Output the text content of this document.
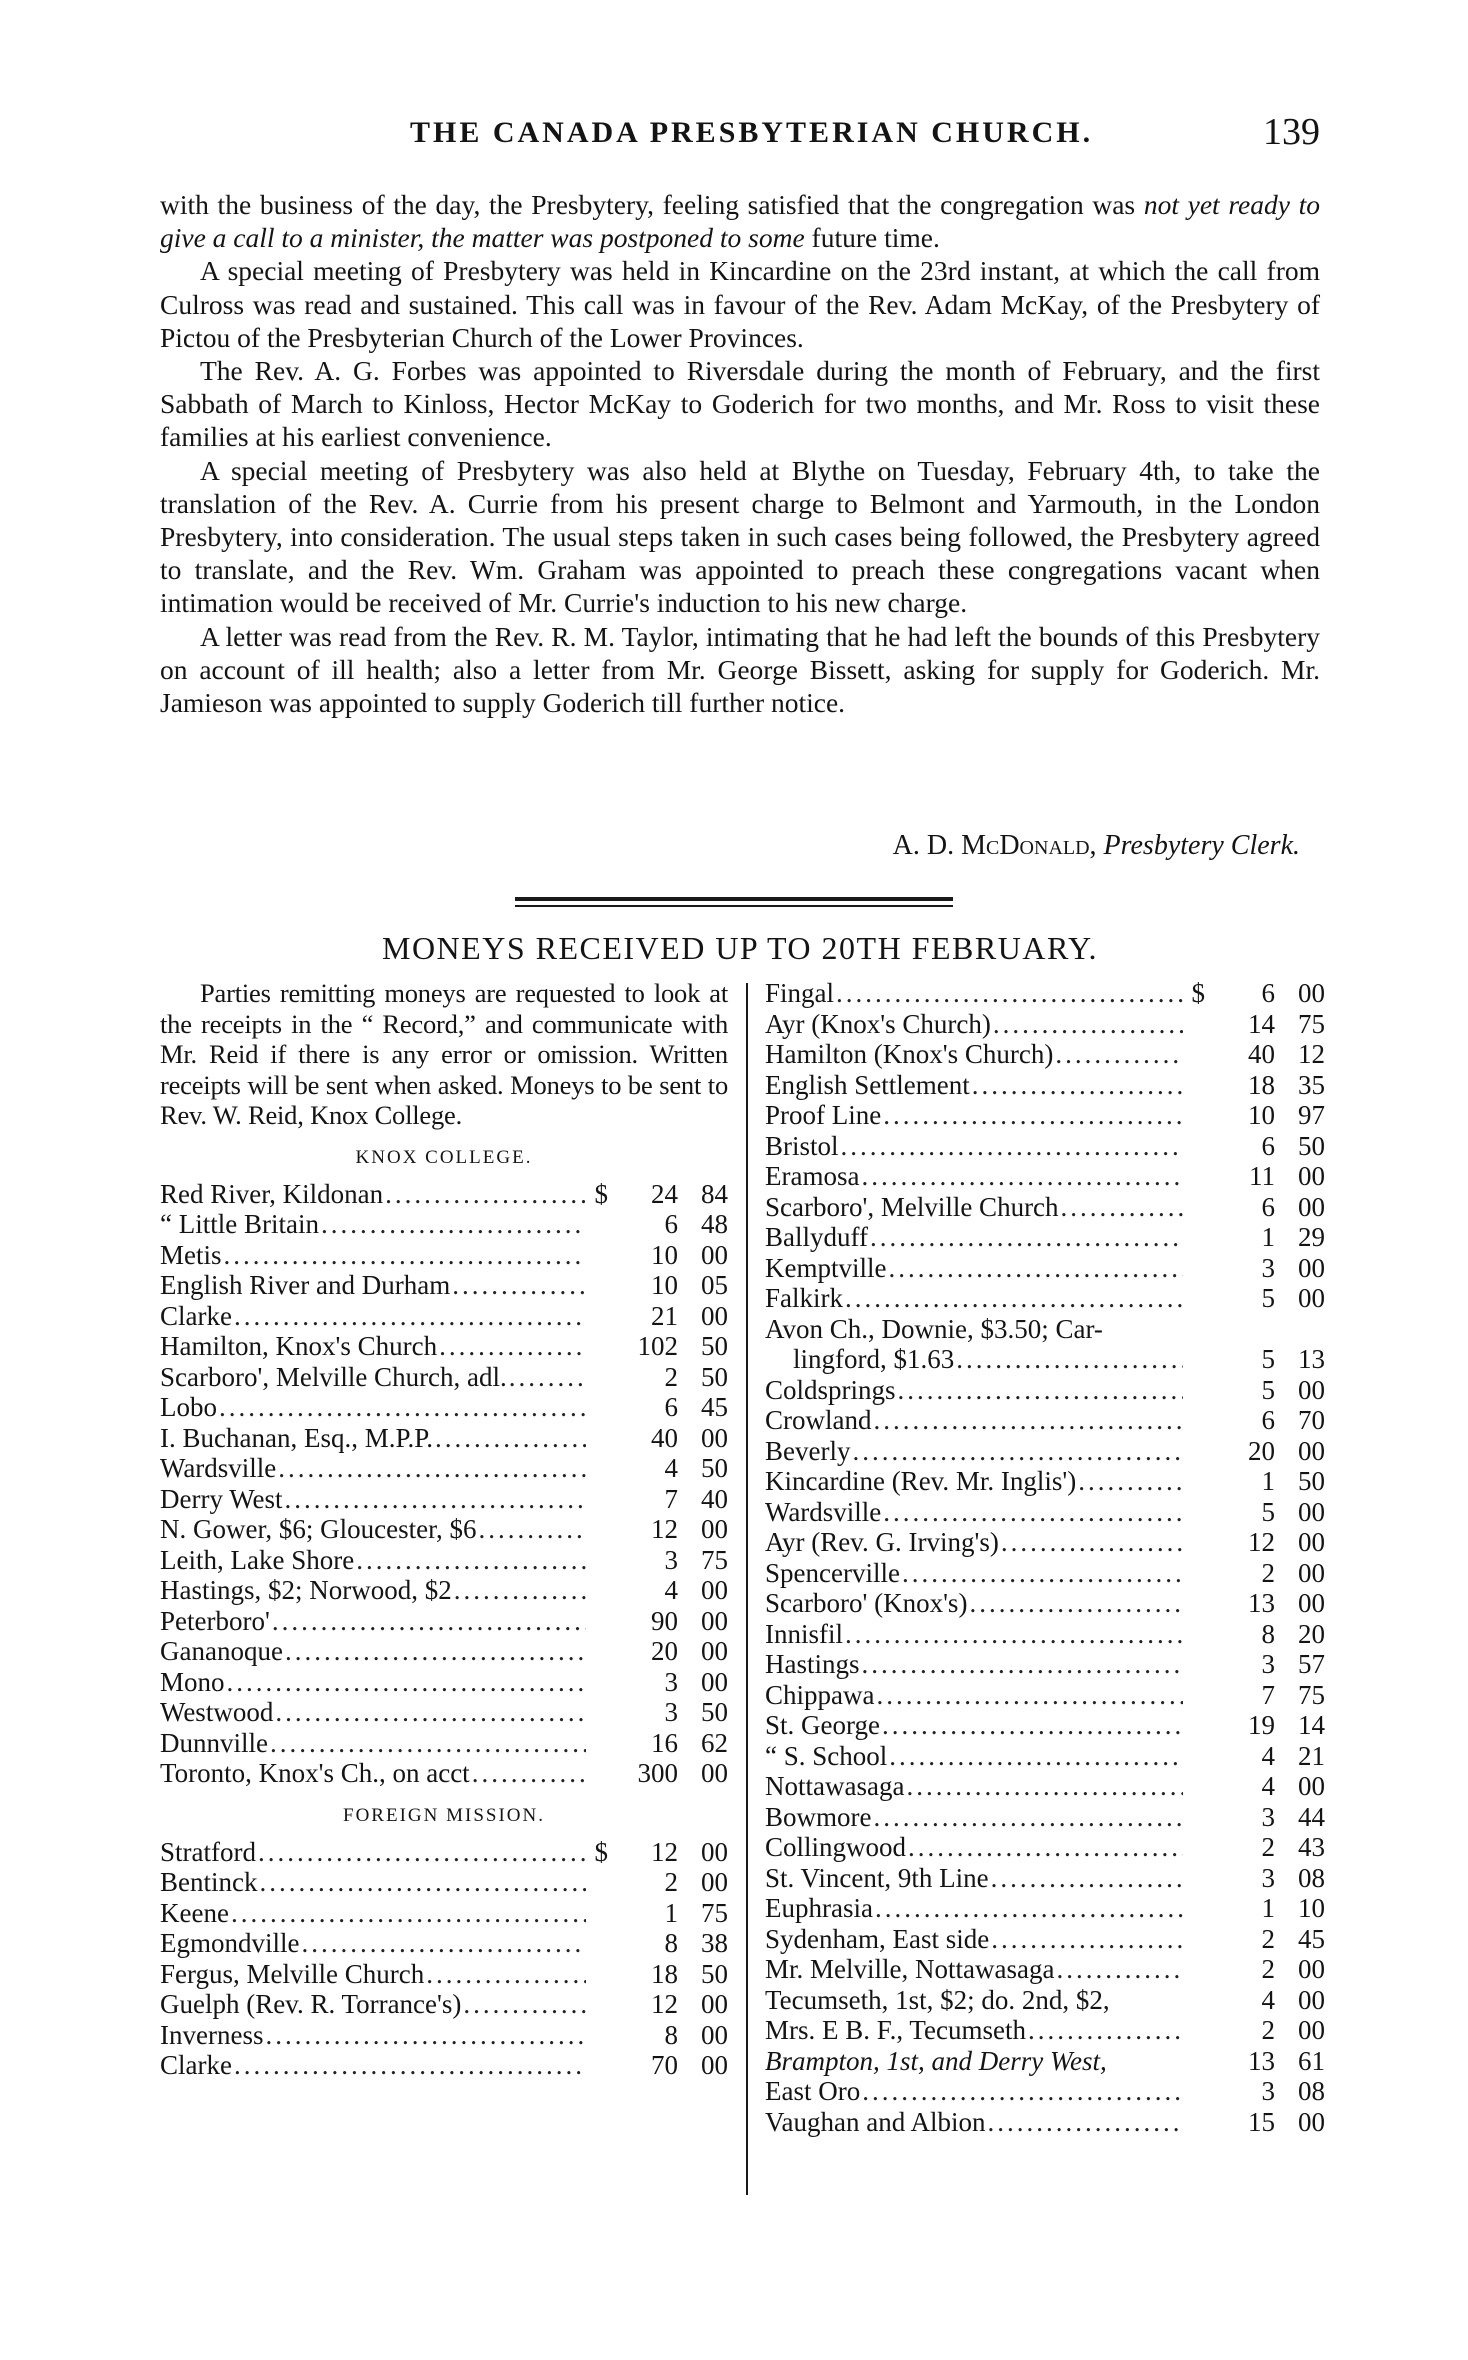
THE CANADA PRESBYTERIAN CHURCH.	139

with the business of the day, the Presbytery, feeling satisfied that the congregation was not yet ready to give a call to a minister, the matter was postponed to some future time.

A special meeting of Presbytery was held in Kincardine on the 23rd instant, at which the call from Culross was read and sustained. This call was in favour of the Rev. Adam McKay, of the Presbytery of Pictou of the Presbyterian Church of the Lower Provinces.

The Rev. A. G. Forbes was appointed to Riversdale during the month of February, and the first Sabbath of March to Kinloss, Hector McKay to Goderich for two months, and Mr. Ross to visit these families at his earliest convenience.

A special meeting of Presbytery was also held at Blythe on Tuesday, February 4th, to take the translation of the Rev. A. Currie from his present charge to Belmont and Yarmouth, in the London Presbytery, into consideration. The usual steps taken in such cases being followed, the Presbytery agreed to translate, and the Rev. Wm. Graham was appointed to preach these congregations vacant when intimation would be received of Mr. Currie's induction to his new charge.

A letter was read from the Rev. R. M. Taylor, intimating that he had left the bounds of this Presbytery on account of ill health; also a letter from Mr. George Bissett, asking for supply for Goderich. Mr. Jamieson was appointed to supply Goderich till further notice.

A. D. McDonald, Presbytery Clerk.
MONEYS RECEIVED UP TO 20TH FEBRUARY.

Parties remitting moneys are requested to look at the receipts in the “ Record,” and communicate with Mr. Reid if there is any error or omission. Written receipts will be sent when asked. Moneys to be sent to Rev. W. Reid, Knox College.

KNOX COLLEGE.
Red River, Kildonan .....	$	24 84
“ Little Britain .....	6 48
Metis .....	10 00
English River and Durham .....	10 05
Clarke .....	21 00
Hamilton, Knox's Church .....	102 50
Scarboro', Melville Church, adl. .....	2 50
Lobo .....	6 45
I. Buchanan, Esq., M.P.P. .....	40 00
Wardsville .....	4 50
Derry West .....	7 40
N. Gower, $6; Gloucester, $6 .....	12 00
Leith, Lake Shore .....	3 75
Hastings, $2; Norwood, $2 .....	4 00
Peterboro' .....	90 00
Gananoque .....	20 00
Mono .....	3 00
Westwood .....	3 50
Dunnville .....	16 62
Toronto, Knox's Ch., on acct .....	300 00
FOREIGN MISSION.
Stratford .....	$	12 00
Bentinck .....	2 00
Keene .....	1 75
Egmondville .....	8 38
Fergus, Melville Church .....	18 50
Guelph (Rev. R. Torrance's) .....	12 00
Inverness .....	8 00
Clarke .....	70 00
Fingal .....	$	6 00
Ayr (Knox's Church) .....	14 75
Hamilton (Knox's Church) .....	40 12
English Settlement .....	18 35
Proof Line .....	10 97
Bristol .....	6 50
Eramosa .....	11 00
Scarboro', Melville Church .....	6 00
Ballyduff .....	1 29
Kemptville .....	3 00
Falkirk .....	5 00
Avon Ch., Downie, $3.50; Car-
lingford, $1.63 .....	5 13
Coldsprings .....	5 00
Crowland .....	6 70
Beverly .....	20 00
Kincardine (Rev. Mr. Inglis') .....	1 50
Wardsville .....	5 00
Ayr (Rev. G. Irving's) .....	12 00
Spencerville .....	2 00
Scarboro' (Knox's) .....	13 00
Innisfil .....	8 20
Hastings .....	3 57
Chippawa .....	7 75
St. George .....	19 14
“ S. School .....	4 21
Nottawasaga .....	4 00
Bowmore .....	3 44
Collingwood .....	2 43
St. Vincent, 9th Line .....	3 08
Euphrasia .....	1 10
Sydenham, East side .....	2 45
Mr. Melville, Nottawasaga .....	2 00
Tecumseth, 1st, $2; do. 2nd, $2,	4 00
Mrs. E B. F., Tecumseth .....	2 00
Brampton, 1st, and Derry West,	13 61
East Oro .....	3 08
Vaughan and Albion .....	15 00
